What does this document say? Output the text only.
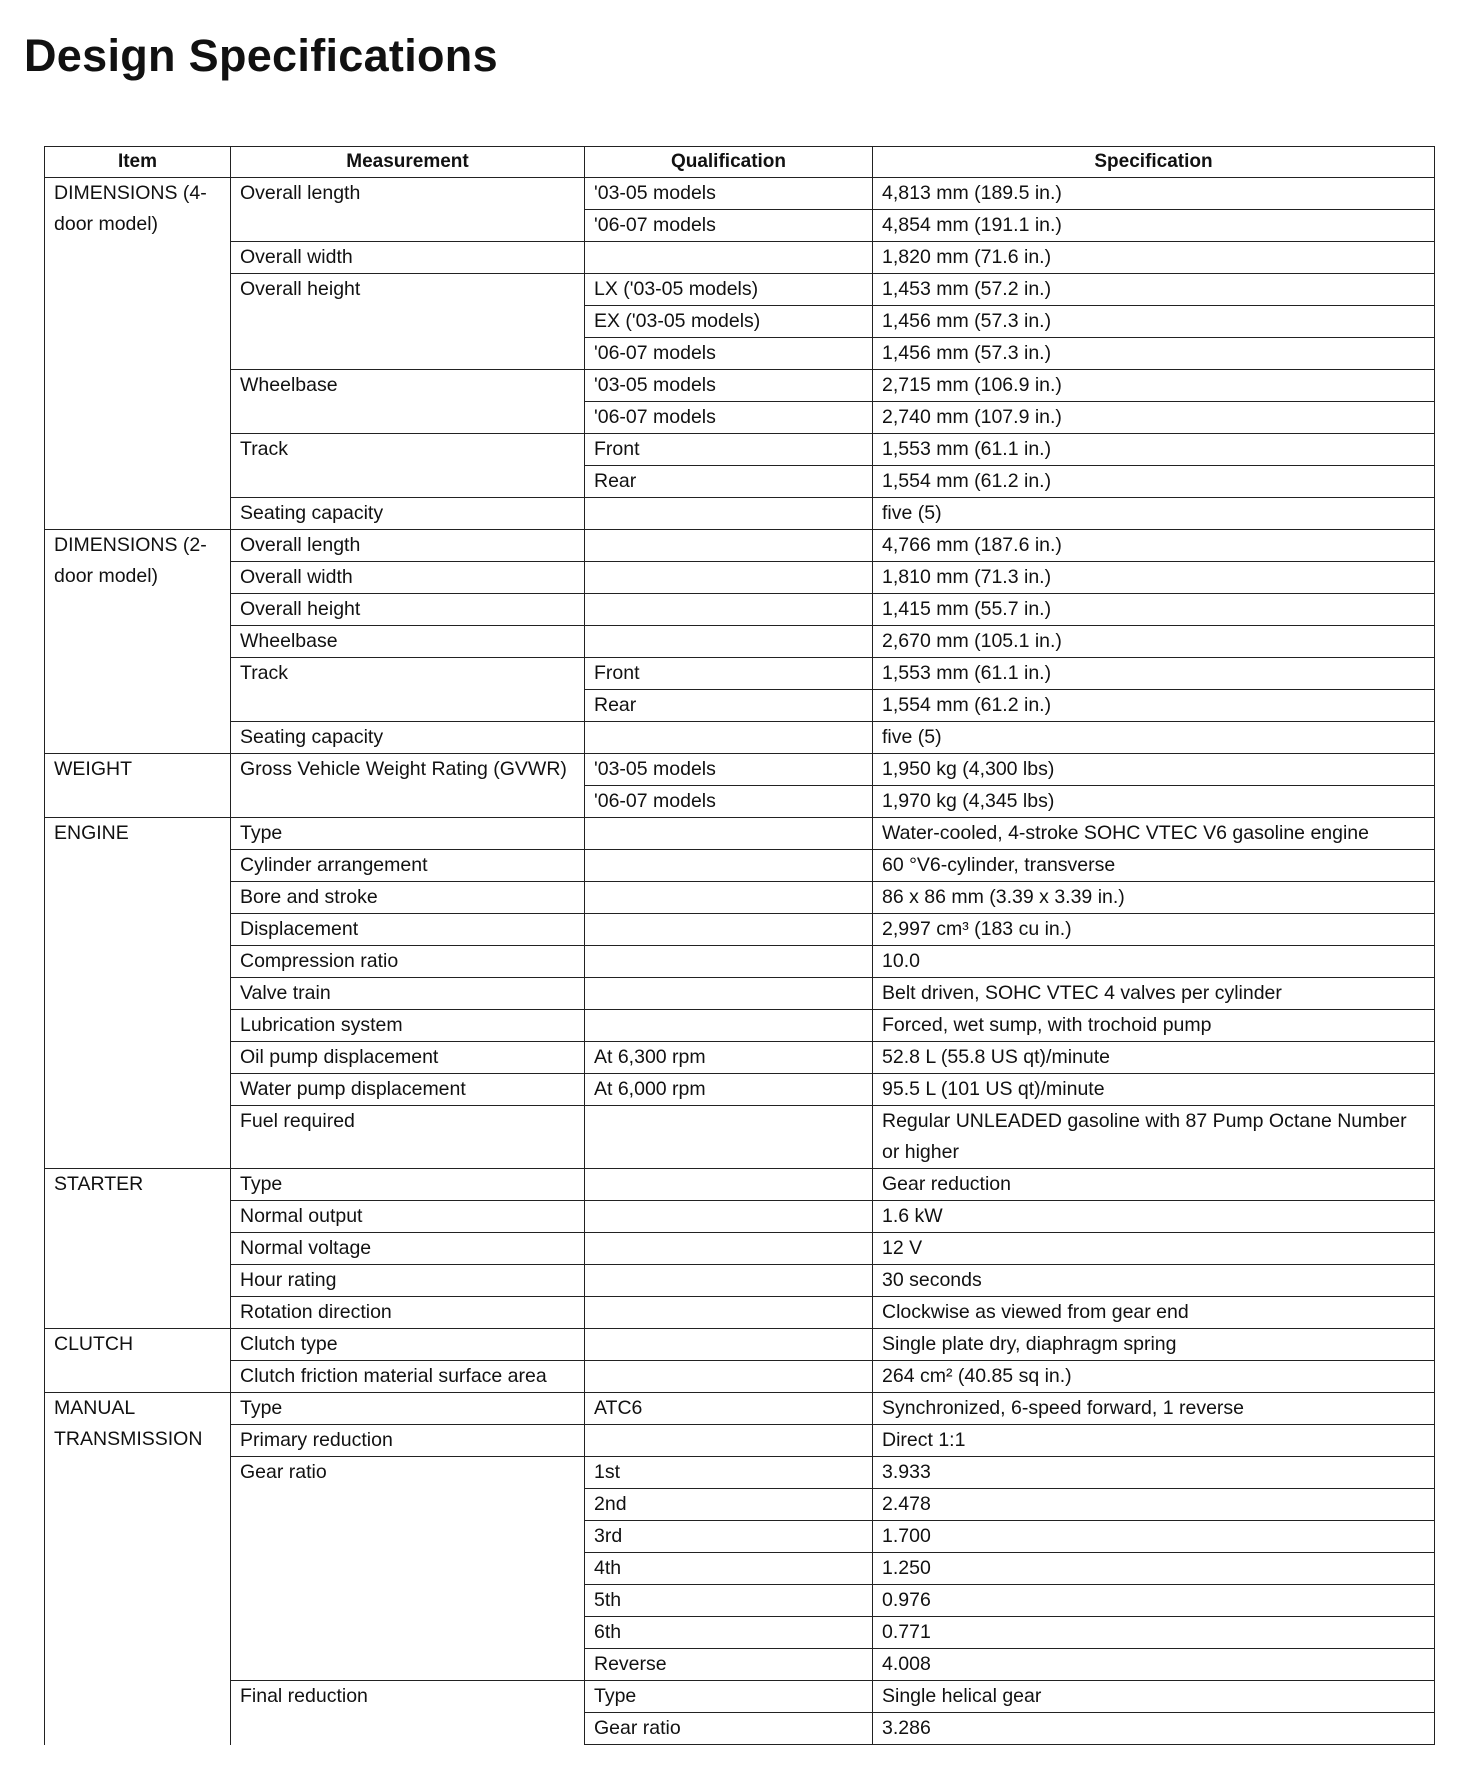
Design Specifications
Item	Measurement	Qualification	Specification
DIMENSIONS (4-door model)	Overall length	'03-05 models	4,813 mm (189.5 in.)
		'06-07 models	4,854 mm (191.1 in.)
	Overall width		1,820 mm (71.6 in.)
	Overall height	LX ('03-05 models)	1,453 mm (57.2 in.)
		EX ('03-05 models)	1,456 mm (57.3 in.)
		'06-07 models	1,456 mm (57.3 in.)
	Wheelbase	'03-05 models	2,715 mm (106.9 in.)
		'06-07 models	2,740 mm (107.9 in.)
	Track	Front	1,553 mm (61.1 in.)
		Rear	1,554 mm (61.2 in.)
	Seating capacity		five (5)
DIMENSIONS (2-door model)	Overall length		4,766 mm (187.6 in.)
	Overall width		1,810 mm (71.3 in.)
	Overall height		1,415 mm (55.7 in.)
	Wheelbase		2,670 mm (105.1 in.)
	Track	Front	1,553 mm (61.1 in.)
		Rear	1,554 mm (61.2 in.)
	Seating capacity		five (5)
WEIGHT	Gross Vehicle Weight Rating (GVWR)	'03-05 models	1,950 kg (4,300 lbs)
		'06-07 models	1,970 kg (4,345 lbs)
ENGINE	Type		Water-cooled, 4-stroke SOHC VTEC V6 gasoline engine
	Cylinder arrangement		60 °V6-cylinder, transverse
	Bore and stroke		86 x 86 mm (3.39 x 3.39 in.)
	Displacement		2,997 cm³ (183 cu in.)
	Compression ratio		10.0
	Valve train		Belt driven, SOHC VTEC 4 valves per cylinder
	Lubrication system		Forced, wet sump, with trochoid pump
	Oil pump displacement	At 6,300 rpm	52.8 L (55.8 US qt)/minute
	Water pump displacement	At 6,000 rpm	95.5 L (101 US qt)/minute
	Fuel required		Regular UNLEADED gasoline with 87 Pump Octane Number or higher
STARTER	Type		Gear reduction
	Normal output		1.6 kW
	Normal voltage		12 V
	Hour rating		30 seconds
	Rotation direction		Clockwise as viewed from gear end
CLUTCH	Clutch type		Single plate dry, diaphragm spring
	Clutch friction material surface area		264 cm² (40.85 sq in.)
MANUAL TRANSMISSION	Type	ATC6	Synchronized, 6-speed forward, 1 reverse
	Primary reduction		Direct 1:1
	Gear ratio	1st	3.933
		2nd	2.478
		3rd	1.700
		4th	1.250
		5th	0.976
		6th	0.771
		Reverse	4.008
	Final reduction	Type	Single helical gear
		Gear ratio	3.286
